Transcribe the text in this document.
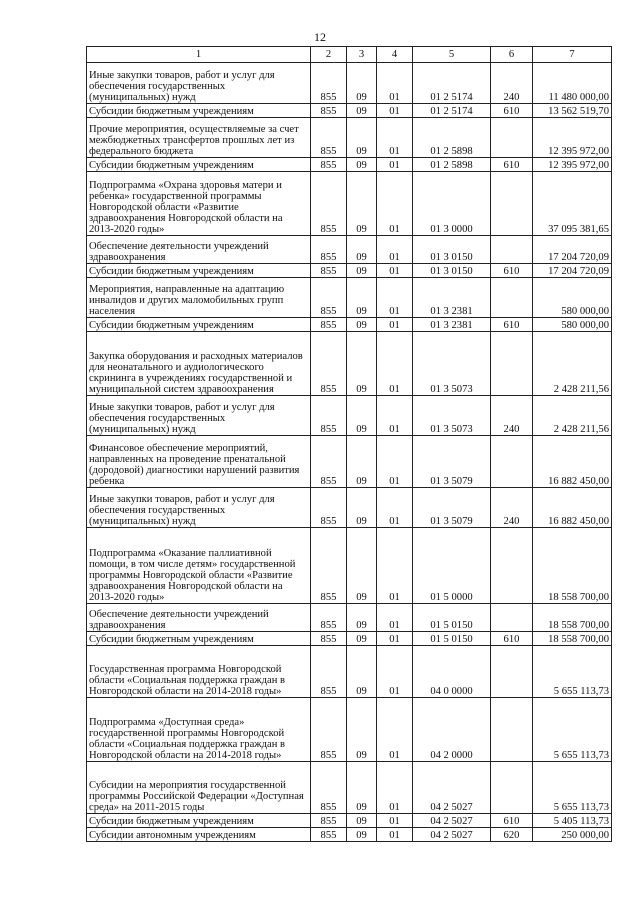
12
1	2	3	4	5	6	7
Иные закупки товаров, работ и услуг для обеспечения государственных (муниципальных) нужд	855	09	01	01 2 5174	240	11 480 000,00
Субсидии бюджетным учреждениям	855	09	01	01 2 5174	610	13 562 519,70
Прочие мероприятия, осуществляемые за счет межбюджетных трансфертов прошлых лет из федерального бюджета	855	09	01	01 2 5898		12 395 972,00
Субсидии бюджетным учреждениям	855	09	01	01 2 5898	610	12 395 972,00
Подпрограмма «Охрана здоровья матери и ребенка» государственной программы Новгородской области «Развитие здравоохранения Новгородской области на 2013-2020 годы»	855	09	01	01 3 0000		37 095 381,65
Обеспечение деятельности учреждений здравоохранения	855	09	01	01 3 0150		17 204 720,09
Субсидии бюджетным учреждениям	855	09	01	01 3 0150	610	17 204 720,09
Мероприятия, направленные на адаптацию инвалидов и других маломобильных групп населения	855	09	01	01 3 2381		580 000,00
Субсидии бюджетным учреждениям	855	09	01	01 3 2381	610	580 000,00
Закупка оборудования и расходных материалов для неонатального и аудиологического скрининга в учреждениях государственной и муниципальной систем здравоохранения	855	09	01	01 3 5073		2 428 211,56
Иные закупки товаров, работ и услуг для обеспечения государственных (муниципальных) нужд	855	09	01	01 3 5073	240	2 428 211,56
Финансовое обеспечение мероприятий, направленных на проведение пренатальной (дородовой) диагностики нарушений развития ребенка	855	09	01	01 3 5079		16 882 450,00
Иные закупки товаров, работ и услуг для обеспечения государственных (муниципальных) нужд	855	09	01	01 3 5079	240	16 882 450,00
Подпрограмма «Оказание паллиативной помощи, в том числе детям» государственной программы Новгородской области «Развитие здравоохранения Новгородской области на 2013-2020 годы»	855	09	01	01 5 0000		18 558 700,00
Обеспечение деятельности учреждений здравоохранения	855	09	01	01 5 0150		18 558 700,00
Субсидии бюджетным учреждениям	855	09	01	01 5 0150	610	18 558 700,00
Государственная программа Новгородской области «Социальная поддержка граждан в Новгородской области на 2014-2018 годы»	855	09	01	04 0 0000		5 655 113,73
Подпрограмма «Доступная среда» государственной программы Новгородской области «Социальная поддержка граждан в Новгородской области на 2014-2018 годы»	855	09	01	04 2 0000		5 655 113,73
Субсидии на мероприятия государственной программы Российской Федерации «Доступная среда» на 2011-2015 годы	855	09	01	04 2 5027		5 655 113,73
Субсидии бюджетным учреждениям	855	09	01	04 2 5027	610	5 405 113,73
Субсидии автономным учреждениям	855	09	01	04 2 5027	620	250 000,00
